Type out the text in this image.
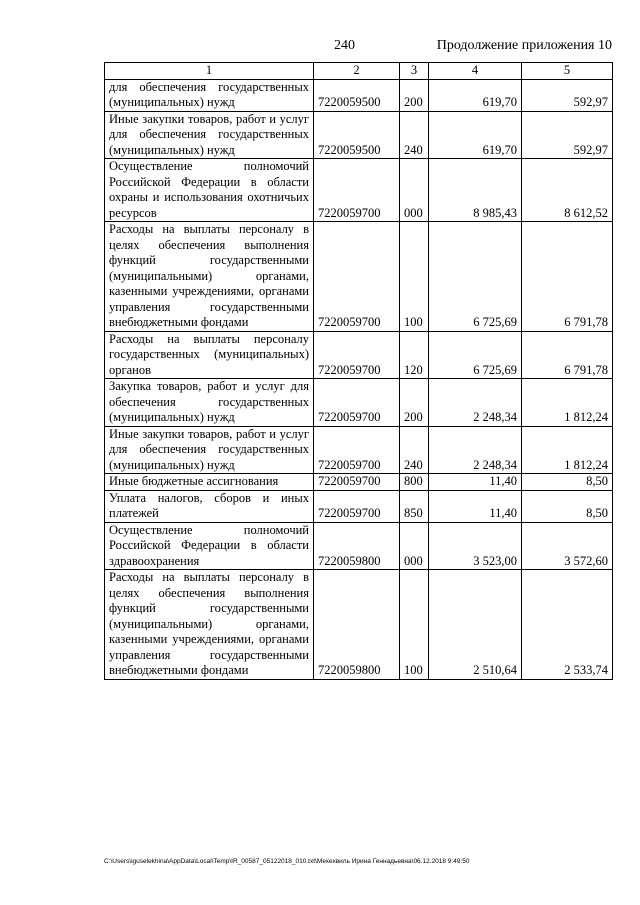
240	Продолжение приложения 10
1	2	3	4	5
для обеспечения государственных (муниципальных) нужд	7220059500	200	619,70	592,97
Иные закупки товаров, работ и услуг для обеспечения государственных (муниципальных) нужд	7220059500	240	619,70	592,97
Осуществление полномочий Российской Федерации в области охраны и использования охотничьих ресурсов	7220059700	000	8 985,43	8 612,52
Расходы на выплаты персоналу в целях обеспечения выполнения функций государственными (муниципальными) органами, казенными учреждениями, органами управления государственными внебюджетными фондами	7220059700	100	6 725,69	6 791,78
Расходы на выплаты персоналу государственных (муниципальных) органов	7220059700	120	6 725,69	6 791,78
Закупка товаров, работ и услуг для обеспечения государственных (муниципальных) нужд	7220059700	200	2 248,34	1 812,24
Иные закупки товаров, работ и услуг для обеспечения государственных (муниципальных) нужд	7220059700	240	2 248,34	1 812,24
Иные бюджетные ассигнования	7220059700	800	11,40	8,50
Уплата налогов, сборов и иных платежей	7220059700	850	11,40	8,50
Осуществление полномочий Российской Федерации в области здравоохранения	7220059800	000	3 523,00	3 572,60
Расходы на выплаты персоналу в целях обеспечения выполнения функций государственными (муниципальными) органами, казенными учреждениями, органами управления государственными внебюджетными фондами	7220059800	100	2 510,64	2 533,74
C:\Users\iguselekhina\AppData\Local\Temp\IR_00587_05122018_010.txt\Мехехвиль Ирина Геннадьевна\06.12.2018 9:49:50
